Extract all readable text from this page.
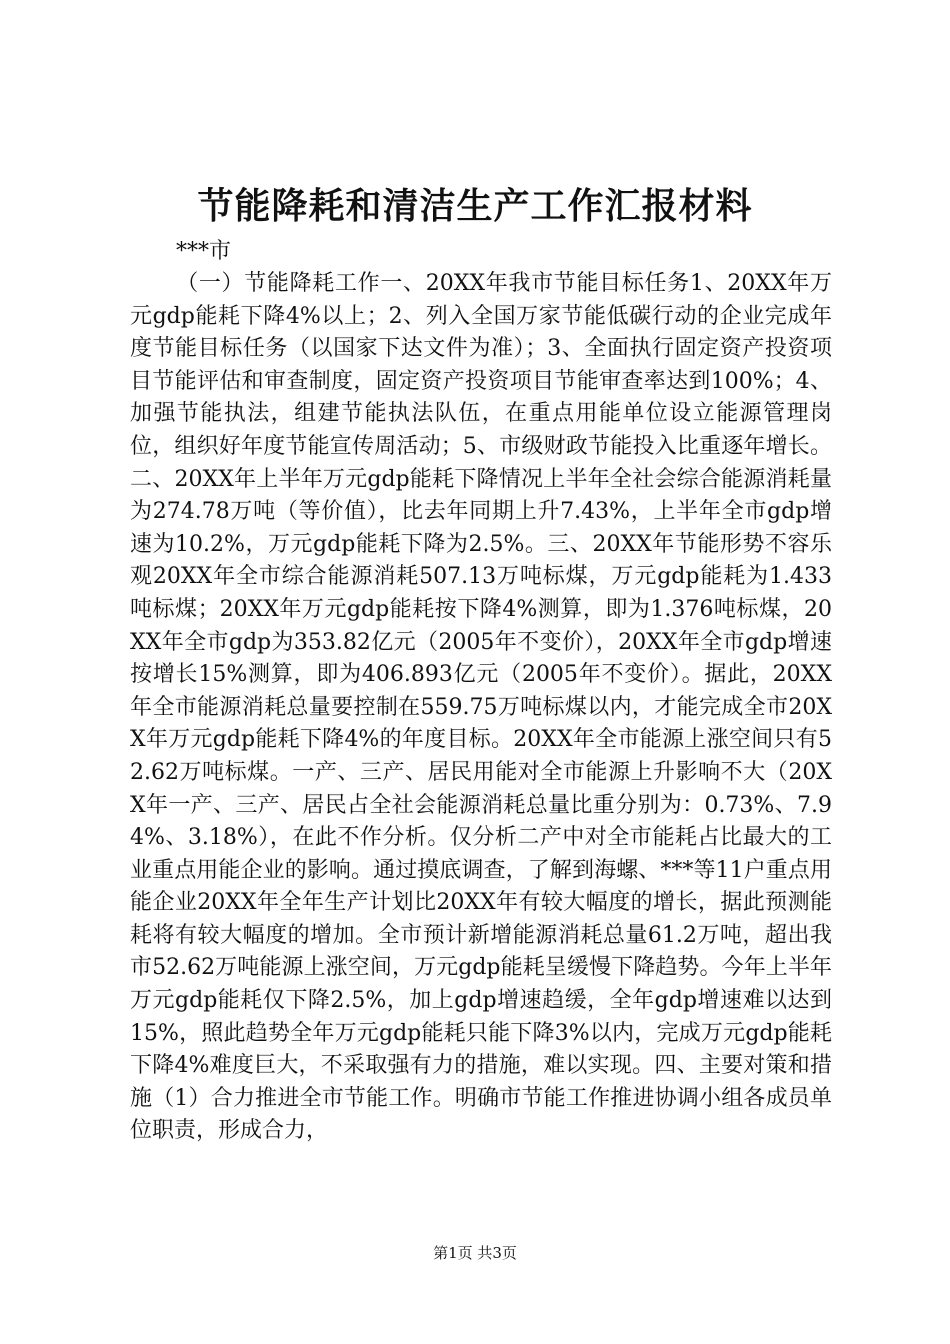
节能降耗和清洁生产工作汇报材料
***市
（一）节能降耗工作一、20XX年我市节能目标任务1、20XX年万元gdp能耗下降4%以上；2、列入全国万家节能低碳行动的企业完成年度节能目标任务（以国家下达文件为准）；3、全面执行固定资产投资项目节能评估和审查制度，固定资产投资项目节能审查率达到100%；4、加强节能执法，组建节能执法队伍，在重点用能单位设立能源管理岗位，组织好年度节能宣传周活动；5、市级财政节能投入比重逐年增长。二、20XX年上半年万元gdp能耗下降情况上半年全社会综合能源消耗量为274.78万吨（等价值），比去年同期上升7.43%，上半年全市gdp增速为10.2%，万元gdp能耗下降为2.5%。三、20XX年节能形势不容乐观20XX年全市综合能源消耗507.13万吨标煤，万元gdp能耗为1.433吨标煤；20XX年万元gdp能耗按下降4%测算，即为1.376吨标煤，20XX年全市gdp为353.82亿元（2005年不变价），20XX年全市gdp增速按增长15%测算，即为406.893亿元（2005年不变价）。据此，20XX年全市能源消耗总量要控制在559.75万吨标煤以内，才能完成全市20XX年万元gdp能耗下降4%的年度目标。20XX年全市能源上涨空间只有52.62万吨标煤。一产、三产、居民用能对全市能源上升影响不大（20XX年一产、三产、居民占全社会能源消耗总量比重分别为：0.73%、7.94%、3.18%），在此不作分析。仅分析二产中对全市能耗占比最大的工业重点用能企业的影响。通过摸底调查，了解到海螺、***等11户重点用能企业20XX年全年生产计划比20XX年有较大幅度的增长，据此预测能耗将有较大幅度的增加。全市预计新增能源消耗总量61.2万吨，超出我市52.62万吨能源上涨空间，万元gdp能耗呈缓慢下降趋势。今年上半年万元gdp能耗仅下降2.5%，加上gdp增速趋缓，全年gdp增速难以达到15%，照此趋势全年万元gdp能耗只能下降3%以内，完成万元gdp能耗下降4%难度巨大，不采取强有力的措施，难以实现。四、主要对策和措施（1）合力推进全市节能工作。明确市节能工作推进协调小组各成员单位职责，形成合力，
第1页 共3页
